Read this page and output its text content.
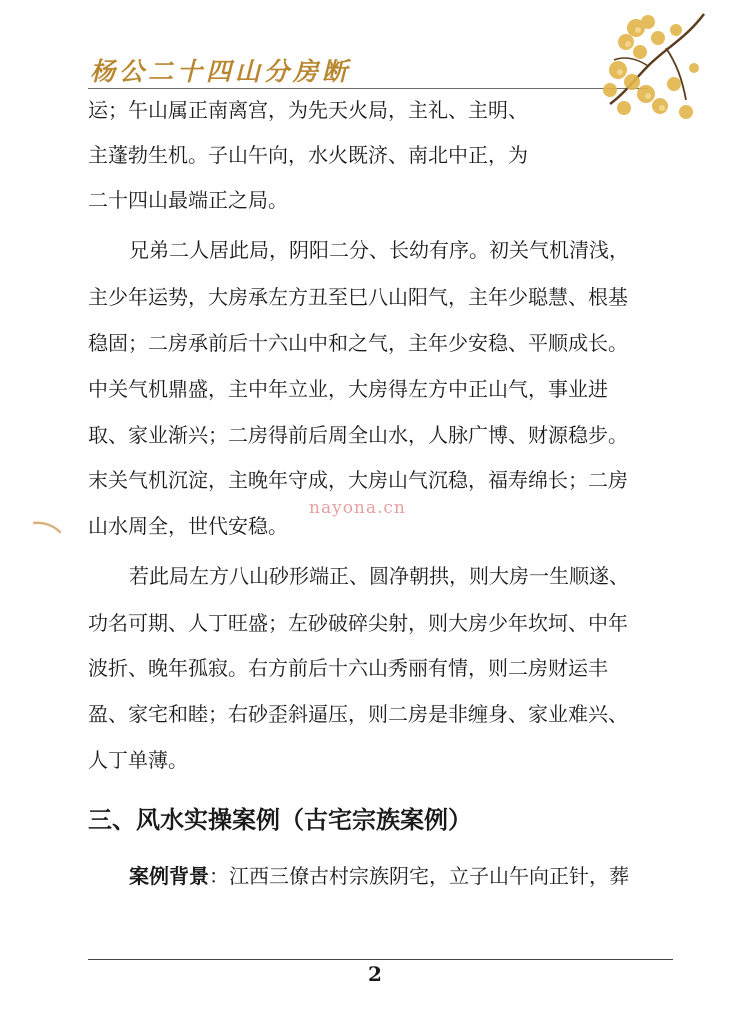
杨公二十四山分房断
运；午山属正南离宫，为先天火局，主礼、主明、
主蓬勃生机。子山午向，水火既济、南北中正，为
二十四山最端正之局。
兄弟二人居此局，阴阳二分、长幼有序。初关气机清浅，
主少年运势，大房承左方丑至巳八山阳气，主年少聪慧、根基
稳固；二房承前后十六山中和之气，主年少安稳、平顺成长。
中关气机鼎盛，主中年立业，大房得左方中正山气，事业进
取、家业渐兴；二房得前后周全山水，人脉广博、财源稳步。
末关气机沉淀，主晚年守成，大房山气沉稳，福寿绵长；二房
山水周全，世代安稳。
若此局左方八山砂形端正、圆净朝拱，则大房一生顺遂、
功名可期、人丁旺盛；左砂破碎尖射，则大房少年坎坷、中年
波折、晚年孤寂。右方前后十六山秀丽有情，则二房财运丰
盈、家宅和睦；右砂歪斜逼压，则二房是非缠身、家业难兴、
人丁单薄。
三、风水实操案例（古宅宗族案例）
案例背景：江西三僚古村宗族阴宅，立子山午向正针，葬
nayona.cn
2
